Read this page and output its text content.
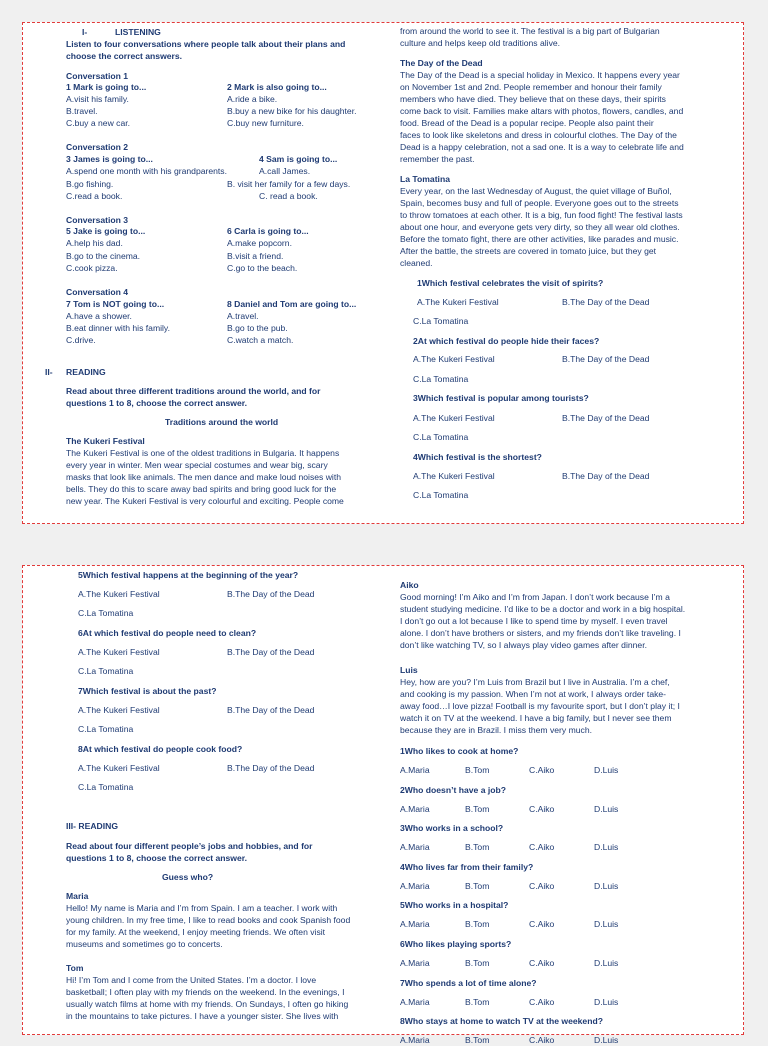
I-	LISTENING
Listen to four conversations where people talk about their plans and
choose the correct answers.
Conversation 1
1 Mark is going to...
A.visit his family.
B.travel.
C.buy a new car.
2 Mark is also going to...
A.ride a bike.
B.buy a new bike for his daughter.
C.buy new furniture.
Conversation 2
3 James is going to...
A.spend one month with his grandparents.
B.go fishing.
C.read a book.
4 Sam is going to...
A.call James.
B. visit her family for a few days.
C. read a book.
Conversation 3
5 Jake is going to...
A.help his dad.
B.go to the cinema.
C.cook pizza.
6 Carla is going to...
A.make popcorn.
B.visit a friend.
C.go to the beach.
Conversation 4
7 Tom is NOT going to...
A.have a shower.
B.eat dinner with his family.
C.drive.
8 Daniel and Tom are going to...
A.travel.
B.go to the pub.
C.watch a match.
II- READING
Read about three different traditions around the world, and for
questions 1 to 8, choose the correct answer.
Traditions around the world
The Kukeri Festival
The Kukeri Festival is one of the oldest traditions in Bulgaria. It happens
every year in winter. Men wear special costumes and wear big, scary
masks that look like animals. The men dance and make loud noises with
bells. They do this to scare away bad spirits and bring good luck for the
new year. The Kukeri Festival is very colourful and exciting. People come
from around the world to see it. The festival is a big part of Bulgarian
culture and helps keep old traditions alive.
The Day of the Dead
The Day of the Dead is a special holiday in Mexico. It happens every year
on November 1st and 2nd. People remember and honour their family
members who have died. They believe that on these days, their spirits
come back to visit. Families make altars with photos, flowers, candles, and
food. Bread of the Dead is a popular recipe. People also paint their
faces to look like skeletons and dress in colourful clothes. The Day of the
Dead is a happy celebration, not a sad one. It is a way to celebrate life and
remember the past.
La Tomatina
Every year, on the last Wednesday of August, the quiet village of Buñol,
Spain, becomes busy and full of people. Everyone goes out to the streets
to throw tomatoes at each other. It is a big, fun food fight! The festival lasts
about one hour, and everyone gets very dirty, so they all wear old clothes.
Before the tomato fight, there are other activities, like parades and music.
After the battle, the streets are covered in tomato juice, but they get
cleaned.
1Which festival celebrates the visit of spirits?
A.The Kukeri Festival	B.The Day of the Dead
C.La Tomatina
2At which festival do people hide their faces?
A.The Kukeri Festival	B.The Day of the Dead
C.La Tomatina
3Which festival is popular among tourists?
A.The Kukeri Festival	B.The Day of the Dead
C.La Tomatina
4Which festival is the shortest?
A.The Kukeri Festival	B.The Day of the Dead
C.La Tomatina
5Which festival happens at the beginning of the year?
A.The Kukeri Festival	B.The Day of the Dead
C.La Tomatina
6At which festival do people need to clean?
A.The Kukeri Festival	B.The Day of the Dead
C.La Tomatina
7Which festival is about the past?
A.The Kukeri Festival	B.The Day of the Dead
C.La Tomatina
8At which festival do people cook food?
A.The Kukeri Festival	B.The Day of the Dead
C.La Tomatina
III- READING
Read about four different people’s jobs and hobbies, and for
questions 1 to 8, choose the correct answer.
Guess who?
Maria
Hello! My name is Maria and I’m from Spain. I am a teacher. I work with
young children. In my free time, I like to read books and cook Spanish food
for my family. At the weekend, I enjoy meeting friends. We often visit
museums and sometimes go to concerts.
Tom
Hi! I’m Tom and I come from the United States. I’m a doctor. I love
basketball; I often play with my friends on the weekend. In the evenings, I
usually watch films at home with my friends. On Sundays, I often go hiking
in the mountains to take pictures. I have a younger sister. She lives with
Aiko
Good morning! I’m Aiko and I’m from Japan. I don’t work because I’m a
student studying medicine. I’d like to be a doctor and work in a big hospital.
I don’t go out a lot because I like to spend time by myself. I even travel
alone. I don’t have brothers or sisters, and my friends don’t like traveling. I
don’t like watching TV, so I always play video games after dinner.
Luis
Hey, how are you? I’m Luis from Brazil but I live in Australia. I’m a chef,
and cooking is my passion. When I’m not at work, I always order take-
away food…I love pizza! Football is my favourite sport, but I don’t play it; I
watch it on TV at the weekend. I have a big family, but I never see them
because they are in Brazil. I miss them very much.
1Who likes to cook at home?
A.Maria	B.Tom	C.Aiko	D.Luis
2Who doesn’t have a job?
A.Maria	B.Tom	C.Aiko	D.Luis
3Who works in a school?
A.Maria	B.Tom	C.Aiko	D.Luis
4Who lives far from their family?
A.Maria	B.Tom	C.Aiko	D.Luis
5Who works in a hospital?
A.Maria	B.Tom	C.Aiko	D.Luis
6Who likes playing sports?
A.Maria	B.Tom	C.Aiko	D.Luis
7Who spends a lot of time alone?
A.Maria	B.Tom	C.Aiko	D.Luis
8Who stays at home to watch TV at the weekend?
A.Maria	B.Tom	C.Aiko	D.Luis
